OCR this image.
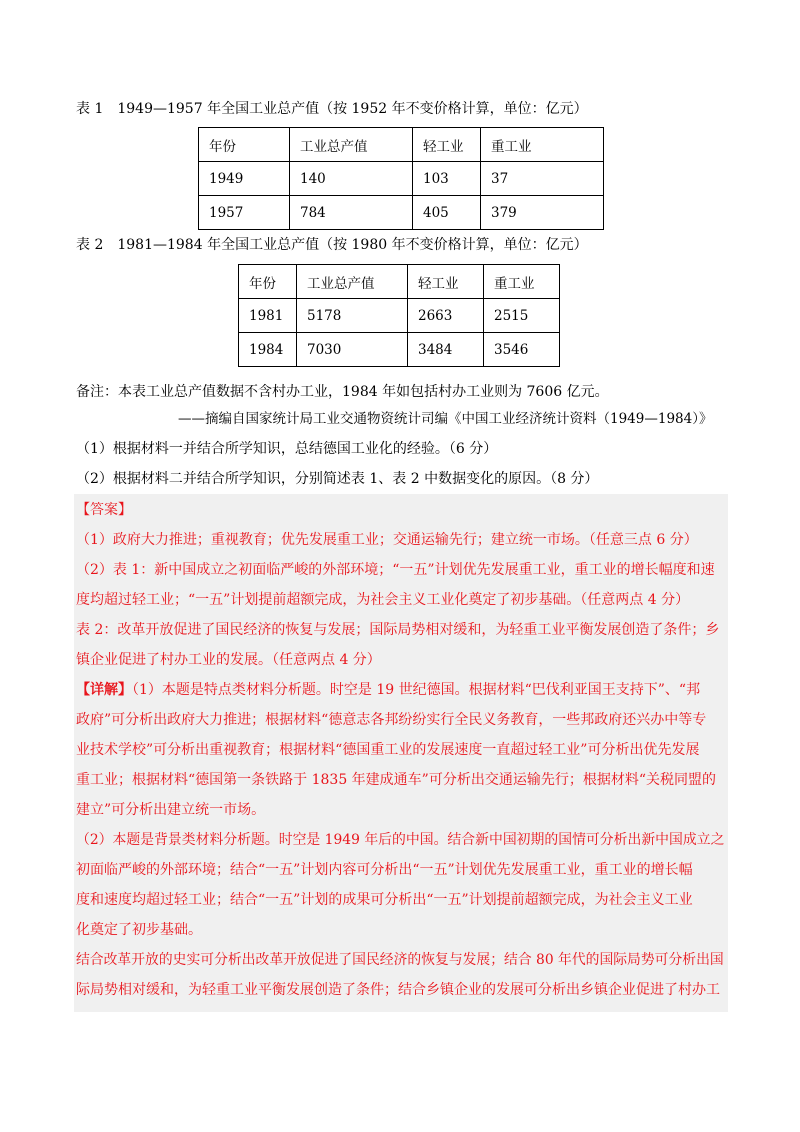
表 1　1949—1957 年全国工业总产值（按 1952 年不变价格计算，单位：亿元）
年份	工业总产值	轻工业	重工业
1949	140	103	37
1957	784	405	379
表 2　1981—1984 年全国工业总产值（按 1980 年不变价格计算，单位：亿元）
年份	工业总产值	轻工业	重工业
1981	5178	2663	2515
1984	7030	3484	3546
备注：本表工业总产值数据不含村办工业，1984 年如包括村办工业则为 7606 亿元。
——摘编自国家统计局工业交通物资统计司编《中国工业经济统计资料（1949—1984）》
（1）根据材料一并结合所学知识，总结德国工业化的经验。（6 分）
（2）根据材料二并结合所学知识，分别简述表 1、表 2 中数据变化的原因。（8 分）
【答案】
（1）政府大力推进；重视教育；优先发展重工业；交通运输先行；建立统一市场。（任意三点 6 分）
（2）表 1：新中国成立之初面临严峻的外部环境；“一五”计划优先发展重工业，重工业的增长幅度和速
度均超过轻工业；“一五”计划提前超额完成，为社会主义工业化奠定了初步基础。（任意两点 4 分）
表 2：改革开放促进了国民经济的恢复与发展；国际局势相对缓和，为轻重工业平衡发展创造了条件；乡
镇企业促进了村办工业的发展。（任意两点 4 分）
【详解】（1）本题是特点类材料分析题。时空是 19 世纪德国。根据材料“巴伐利亚国王支持下”、“邦
政府”可分析出政府大力推进；根据材料“德意志各邦纷纷实行全民义务教育，一些邦政府还兴办中等专
业技术学校”可分析出重视教育；根据材料“德国重工业的发展速度一直超过轻工业”可分析出优先发展
重工业；根据材料“德国第一条铁路于 1835 年建成通车”可分析出交通运输先行；根据材料“关税同盟的
建立”可分析出建立统一市场。
（2）本题是背景类材料分析题。时空是 1949 年后的中国。结合新中国初期的国情可分析出新中国成立之
初面临严峻的外部环境；结合“一五”计划内容可分析出“一五”计划优先发展重工业，重工业的增长幅
度和速度均超过轻工业；结合“一五”计划的成果可分析出“一五”计划提前超额完成，为社会主义工业
化奠定了初步基础。
结合改革开放的史实可分析出改革开放促进了国民经济的恢复与发展；结合 80 年代的国际局势可分析出国
际局势相对缓和，为轻重工业平衡发展创造了条件；结合乡镇企业的发展可分析出乡镇企业促进了村办工
